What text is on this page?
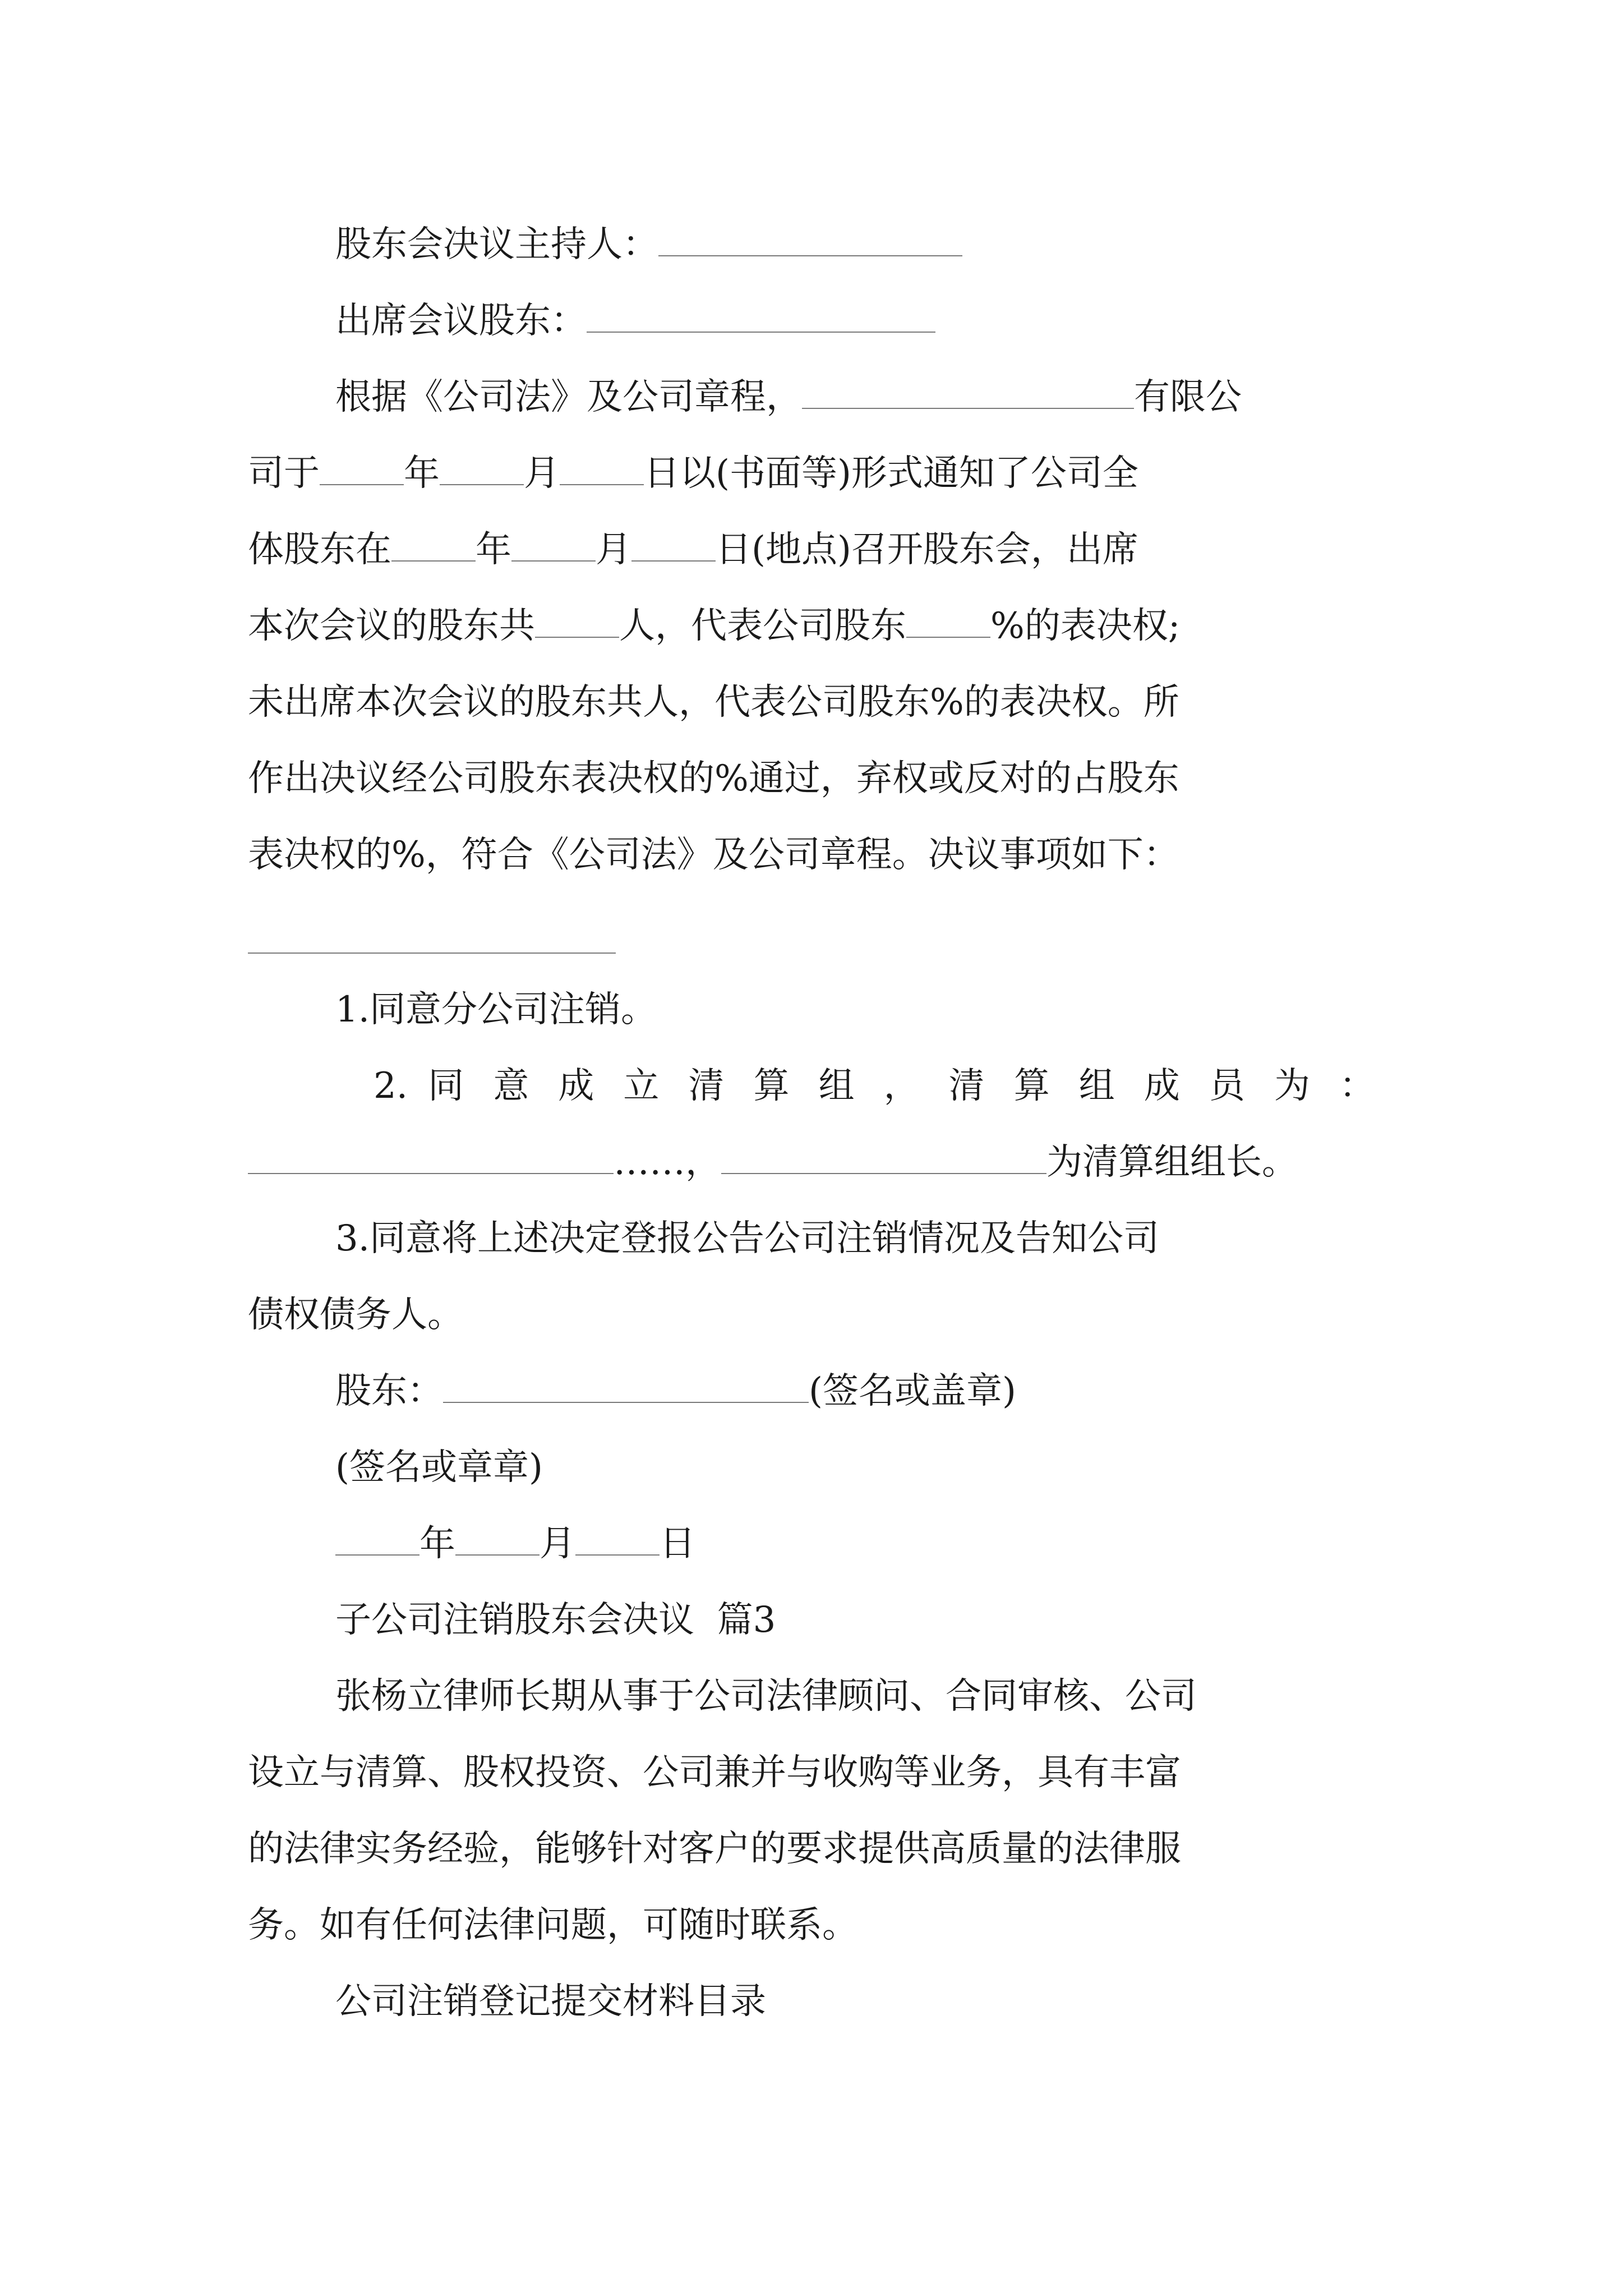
股东会决议主持人：
出席会议股东：
根据《公司法》及公司章程，	有限公
司于 年 月 日以(书面等)形式通知了公司全
体股东在 年 月 日(地点)召开股东会，出席
本次会议的股东共 人，代表公司股东 %的表决权;
未出席本次会议的股东共人，代表公司股东%的表决权。所
作出决议经公司股东表决权的%通过，弃权或反对的占股东
表决权的%，符合《公司法》及公司章程。决议事项如下：
1.同意分公司注销。
2. 同 意 成 立 清 算 组 ， 清 算 组 成 员 为 ：
……，	为清算组组长。
3.同意将上述决定登报公告公司注销情况及告知公司
债权债务人。
股东：	(签名或盖章)
(签名或章章)
年 月 日
子公司注销股东会决议  篇3
张杨立律师长期从事于公司法律顾问、合同审核、公司
设立与清算、股权投资、公司兼并与收购等业务，具有丰富
的法律实务经验，能够针对客户的要求提供高质量的法律服
务。如有任何法律问题，可随时联系。
公司注销登记提交材料目录
